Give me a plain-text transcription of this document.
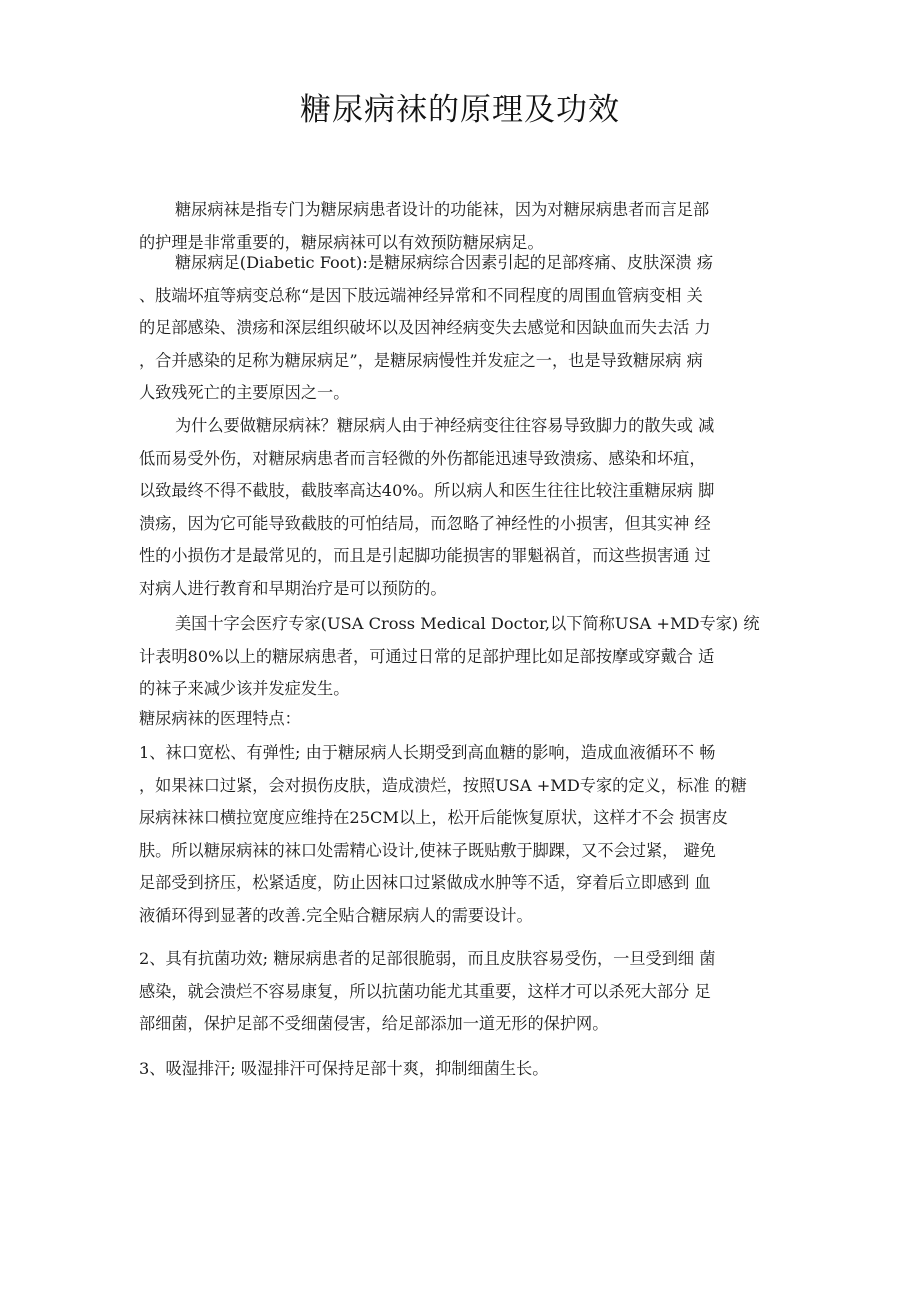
糖尿病袜的原理及功效
糖尿病袜是指专门为糖尿病患者设计的功能袜，因为对糖尿病患者而言足部
的护理是非常重要的，糖尿病袜可以有效预防糖尿病足。
糖尿病足(Diabetic Foot):是糖尿病综合因素引起的足部疼痛、皮肤深溃 疡
、肢端坏疽等病变总称“是因下肢远端神经异常和不同程度的周围血管病变相 关
的足部感染、溃疡和深层组织破坏以及因神经病变失去感觉和因缺血而失去活 力
，合并感染的足称为糖尿病足”，是糖尿病慢性并发症之一，也是导致糖尿病 病
人致残死亡的主要原因之一。
为什么要做糖尿病袜？糖尿病人由于神经病变往往容易导致脚力的散失或 减
低而易受外伤，对糖尿病患者而言轻微的外伤都能迅速导致溃疡、感染和坏疽，
以致最终不得不截肢，截肢率高达40%。所以病人和医生往往比较注重糖尿病 脚
溃疡，因为它可能导致截肢的可怕结局，而忽略了神经性的小损害，但其实神 经
性的小损伤才是最常见的，而且是引起脚功能损害的罪魁祸首，而这些损害通 过
对病人进行教育和早期治疗是可以预防的。
美国十字会医疗专家(USA Cross Medical Doctor,以下简称USA +MD专家) 统
计表明80%以上的糖尿病患者，可通过日常的足部护理比如足部按摩或穿戴合 适
的袜子来减少该并发症发生。
糖尿病袜的医理特点：
1、袜口宽松、有弹性; 由于糖尿病人长期受到高血糖的影响，造成血液循环不 畅
，如果袜口过紧，会对损伤皮肤，造成溃烂，按照USA +MD专家的定义，标准 的糖
尿病袜袜口横拉宽度应维持在25CM以上，松开后能恢复原状，这样才不会 损害皮
肤。所以糖尿病袜的袜口处需精心设计,使袜子既贴敷于脚踝，又不会过紧， 避免
足部受到挤压，松紧适度，防止因袜口过紧做成水肿等不适，穿着后立即感到 血
液循环得到显著的改善.完全贴合糖尿病人的需要设计。
2、具有抗菌功效; 糖尿病患者的足部很脆弱，而且皮肤容易受伤，一旦受到细 菌
感染，就会溃烂不容易康复，所以抗菌功能尤其重要，这样才可以杀死大部分 足
部细菌，保护足部不受细菌侵害，给足部添加一道无形的保护网。
3、吸湿排汗; 吸湿排汗可保持足部十爽，抑制细菌生长。
